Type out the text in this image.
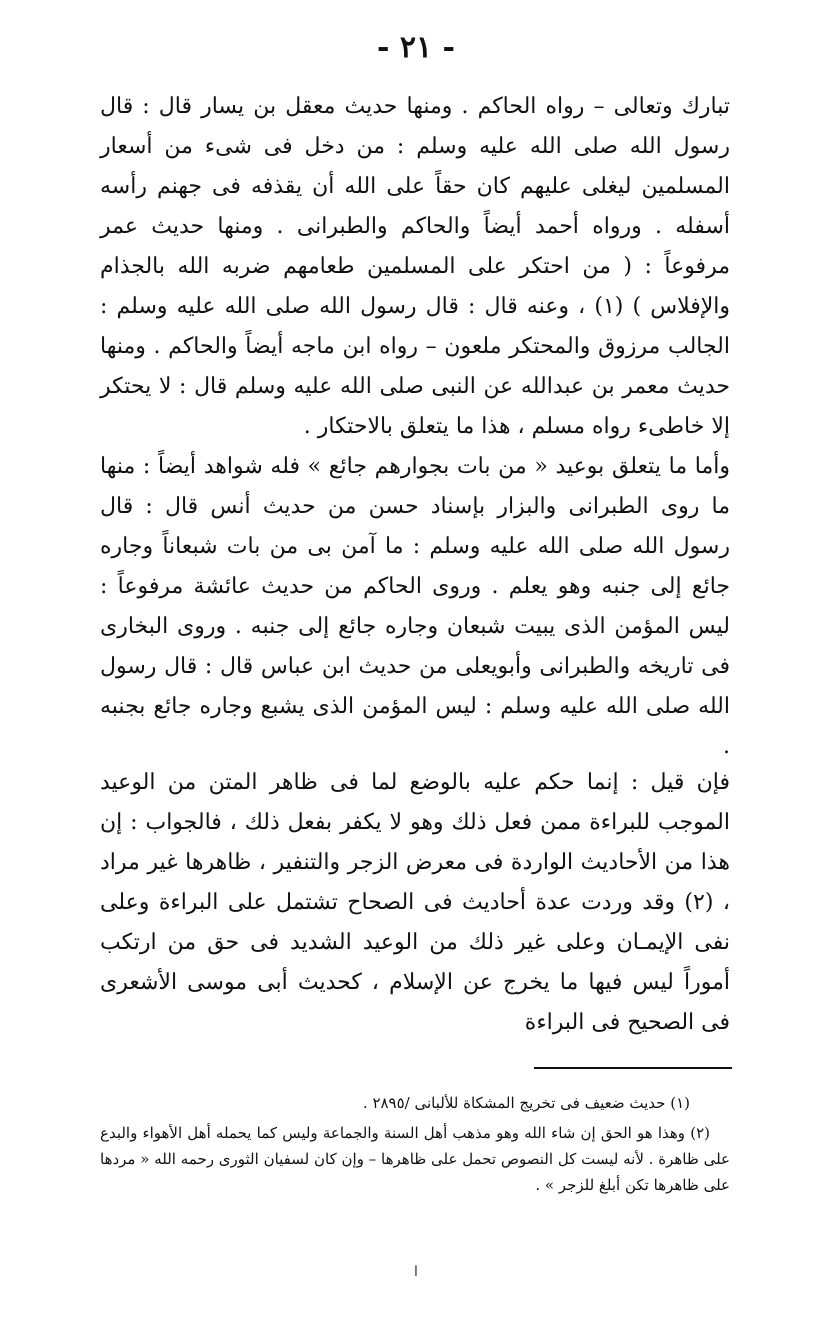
- ٢١ -

تبارك وتعالى – رواه الحاكم . ومنها حديث معقل بن يسار قال : قال رسول الله صلى الله عليه وسلم : من دخل فى شىء من أسعار المسلمين ليغلى عليهم كان حقاً على الله أن يقذفه فى جهنم رأسه أسفله . ورواه أحمد أيضاً والحاكم والطبرانى . ومنها حديث عمر مرفوعاً : ( من احتكر على المسلمين طعامهم ضربه الله بالجذام والإفلاس ) (١) ، وعنه قال : قال رسول الله صلى الله عليه وسلم : الجالب مرزوق والمحتكر ملعون – رواه ابن ماجه أيضاً والحاكم . ومنها حديث معمر بن عبدالله عن النبى صلى الله عليه وسلم قال : لا يحتكر إلا خاطىء رواه مسلم ، هذا ما يتعلق بالاحتكار .

وأما ما يتعلق بوعيد « من بات بجوارهم جائع » فله شواهد أيضاً : منها ما روى الطبرانى والبزار بإسناد حسن من حديث أنس قال : قال رسول الله صلى الله عليه وسلم : ما آمن بى من بات شبعاناً وجاره جائع إلى جنبه وهو يعلم . وروى الحاكم من حديث عائشة مرفوعاً : ليس المؤمن الذى يبيت شبعان وجاره جائع إلى جنبه . وروى البخارى فى تاريخه والطبرانى وأبويعلى من حديث ابن عباس قال : قال رسول الله صلى الله عليه وسلم : ليس المؤمن الذى يشبع وجاره جائع بجنبه .

فإن قيل : إنما حكم عليه بالوضع لما فى ظاهر المتن من الوعيد الموجب للبراءة ممن فعل ذلك وهو لا يكفر بفعل ذلك ، فالجواب : إن هذا من الأحاديث الواردة فى معرض الزجر والتنفير ، ظاهرها غير مراد ، (٢) وقد وردت عدة أحاديث فى الصحاح تشتمل على البراءة وعلى نفى الإيمـان وعلى غير ذلك من الوعيد الشديد فى حق من ارتكب أموراً ليس فيها ما يخرج عن الإسلام ، كحديث أبى موسى الأشعرى فى الصحيح فى البراءة

(١) حديث ضعيف فى تخريج المشكاة للألبانى /٢٨٩٥ .

(٢) وهذا هو الحق إن شاء الله وهو مذهب أهل السنة والجماعة وليس كما يحمله أهل الأهواء والبدع على ظاهرة . لأنه ليست كل النصوص تحمل على ظاهرها – وإن كان لسفيان الثورى رحمه الله « مردها على ظاهرها تكن أبلغ للزجر » .

ا
